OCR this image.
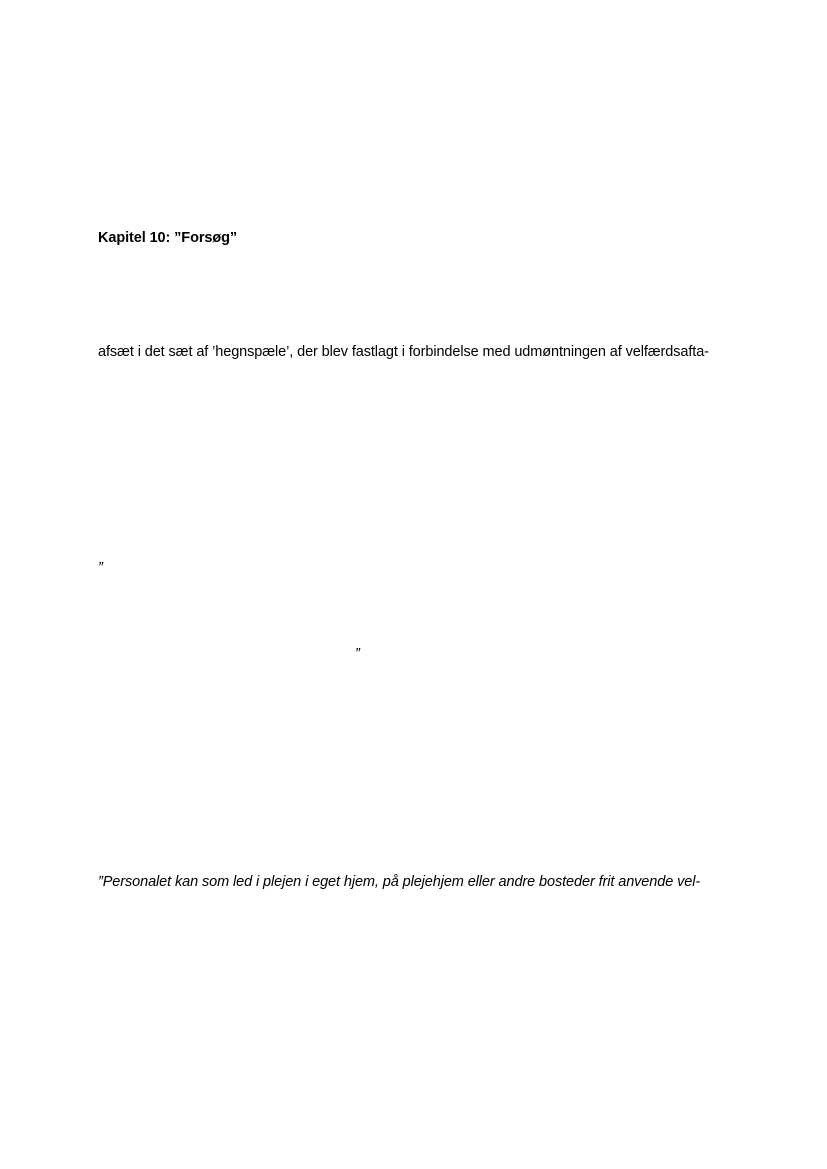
Kapitel 10: ”Forsøg”
afsæt i det sæt af ’hegnspæle’, der blev fastlagt i forbindelse med udmøntningen af velfærdsafta-
”
”
”Personalet kan som led i plejen i eget hjem, på plejehjem eller andre bosteder frit anvende vel-
